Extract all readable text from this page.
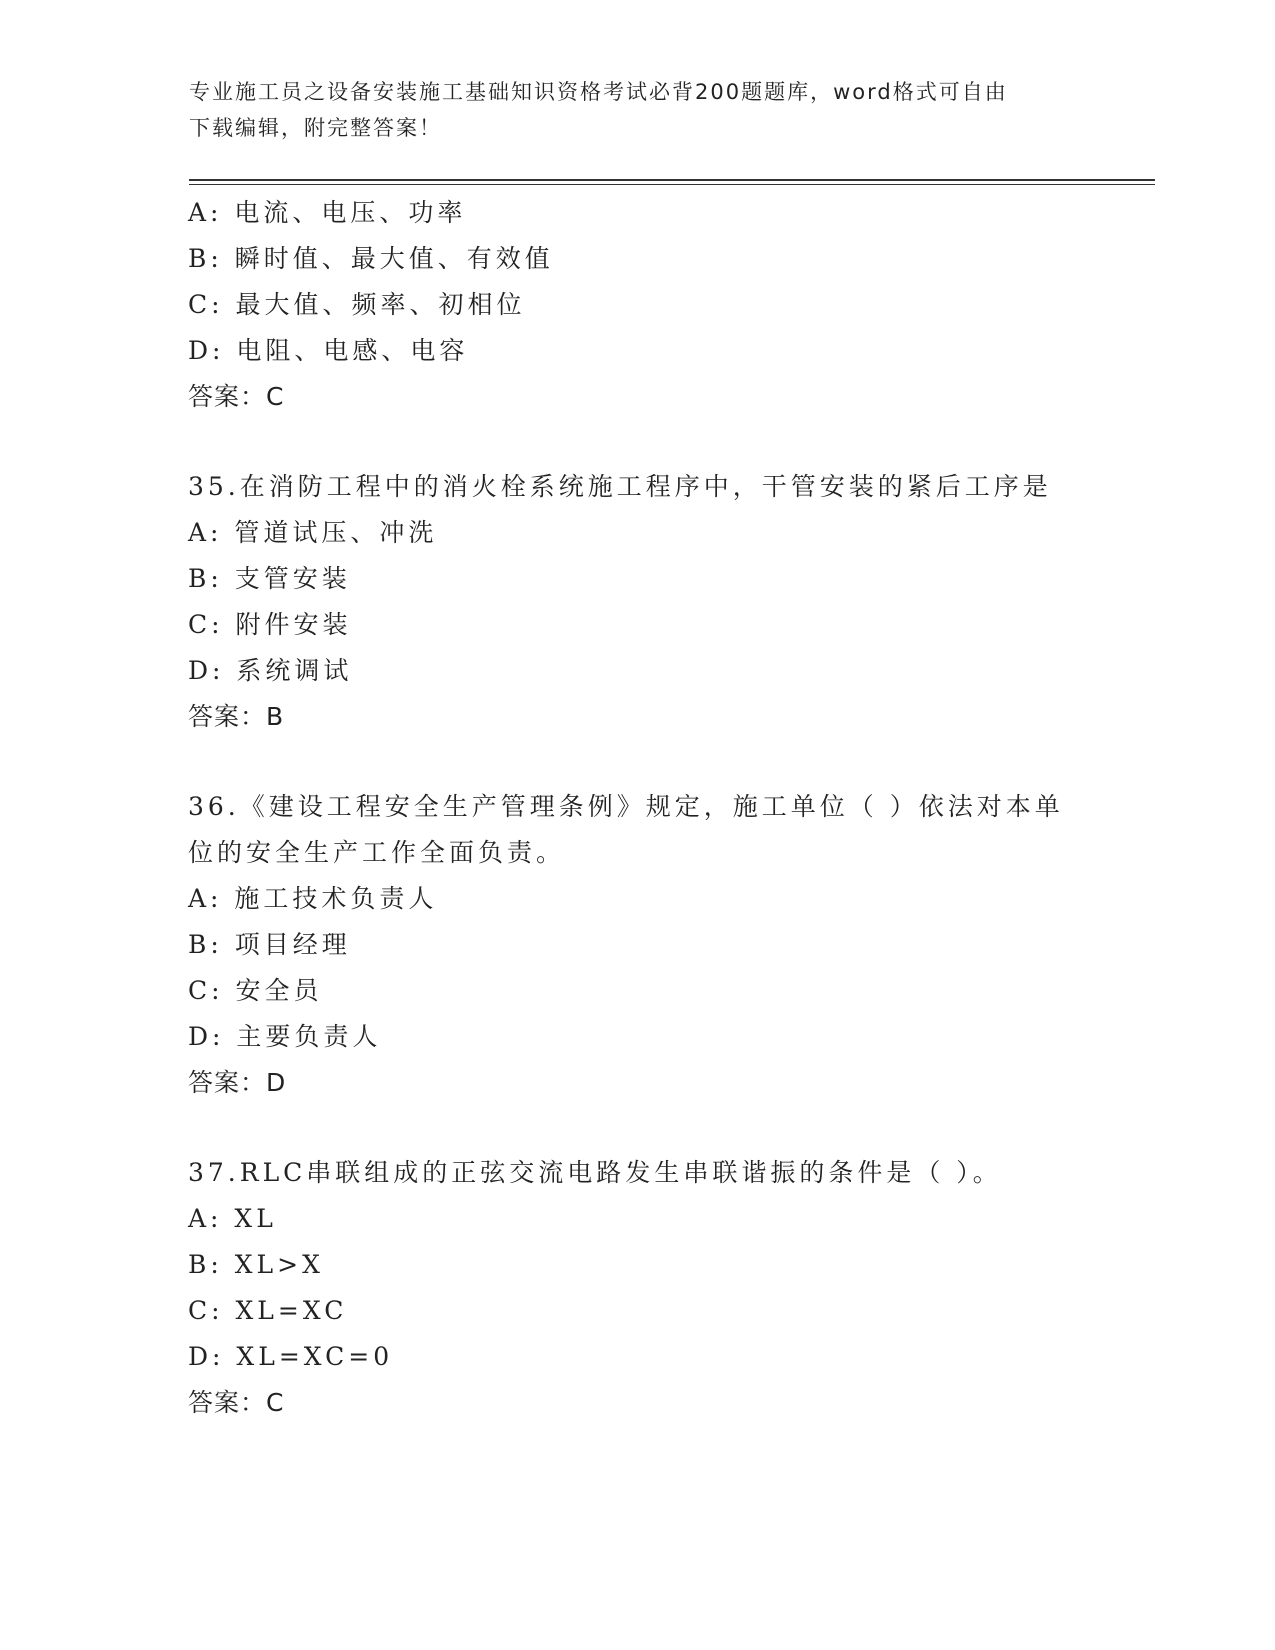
专业施工员之设备安装施工基础知识资格考试必背200题题库，word格式可自由
下载编辑，附完整答案！
A: 电流、电压、功率
B: 瞬时值、最大值、有效值
C: 最大值、频率、初相位
D: 电阻、电感、电容
答案：C
35.在消防工程中的消火栓系统施工程序中，干管安装的紧后工序是
A: 管道试压、冲洗
B: 支管安装
C: 附件安装
D: 系统调试
答案：B
36.《建设工程安全生产管理条例》规定，施工单位（ ）依法对本单
位的安全生产工作全面负责。
A: 施工技术负责人
B: 项目经理
C: 安全员
D: 主要负责人
答案：D
37.RLC串联组成的正弦交流电路发生串联谐振的条件是（ ）。
A: XL
B: XL>X
C: XL=XC
D: XL=XC=0
答案：C
